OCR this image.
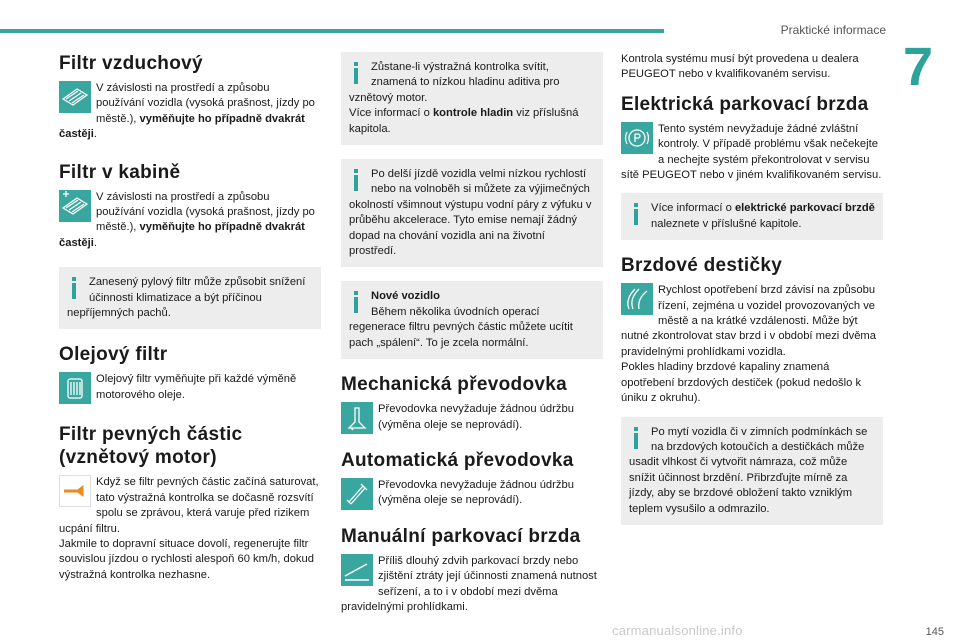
Praktické informace
7
Filtr vzduchový

V závislosti na prostředí a způsobu používání vozidla (vysoká prašnost, jízdy po městě.), vyměňujte ho případně dvakrát častěji.

Filtr v kabině

V závislosti na prostředí a způsobu používání vozidla (vysoká prašnost, jízdy po městě.), vyměňujte ho případně dvakrát častěji.

Zanesený pylový filtr může způsobit snížení účinnosti klimatizace a být příčinou nepříjemných pachů.
Olejový filtr

Olejový filtr vyměňujte při každé výměně motorového oleje.

Filtr pevných částic (vznětový motor)

Když se filtr pevných částic začíná saturovat, tato výstražná kontrolka se dočasně rozsvítí spolu se zprávou, která varuje před rizikem ucpání filtru.
Jakmile to dopravní situace dovolí, regenerujte filtr souvislou jízdou o rychlosti alespoň 60 km/h, dokud výstražná kontrolka nezhasne.

Zůstane-li výstražná kontrolka svítit, znamená to nízkou hladinu aditiva pro vznětový motor.
Více informací o kontrole hladin viz příslušná kapitola.
Po delší jízdě vozidla velmi nízkou rychlostí nebo na volnoběh si můžete za výjimečných okolností všimnout výstupu vodní páry z výfuku v průběhu akcelerace. Tyto emise nemají žádný dopad na chování vozidla ani na životní prostředí.
Nové vozidlo
Během několika úvodních operací regenerace filtru pevných částic můžete ucítit pach „spálení“. To je zcela normální.
Mechanická převodovka

Převodovka nevyžaduje žádnou údržbu (výměna oleje se neprovádí).

Automatická převodovka

Převodovka nevyžaduje žádnou údržbu (výměna oleje se neprovádí).

Manuální parkovací brzda

Příliš dlouhý zdvih parkovací brzdy nebo zjištění ztráty její účinnosti znamená nutnost seřízení, a to i v období mezi dvěma pravidelnými prohlídkami.

Kontrola systému musí být provedena u dealera PEUGEOT nebo v kvalifikovaném servisu.

Elektrická parkovací brzda

Tento systém nevyžaduje žádné zvláštní kontroly. V případě problému však nečekejte a nechejte systém překontrolovat v servisu sítě PEUGEOT nebo v jiném kvalifikovaném servisu.

Více informací o elektrické parkovací brzdě naleznete v příslušné kapitole.
Brzdové destičky

Rychlost opotřebení brzd závisí na způsobu řízení, zejména u vozidel provozovaných ve městě a na krátké vzdálenosti. Může být nutné zkontrolovat stav brzd i v období mezi dvěma pravidelnými prohlídkami vozidla.
Pokles hladiny brzdové kapaliny znamená opotřebení brzdových destiček (pokud nedošlo k úniku z okruhu).

Po mytí vozidla či v zimních podmínkách se na brzdových kotoučích a destičkách může usadit vlhkost či vytvořit námraza, což může snížit účinnost brzdění. Přibrzďujte mírně za jízdy, aby se brzdové obložení takto vzniklým teplem vysušilo a odmrazilo.
carmanualsonline.info	145
